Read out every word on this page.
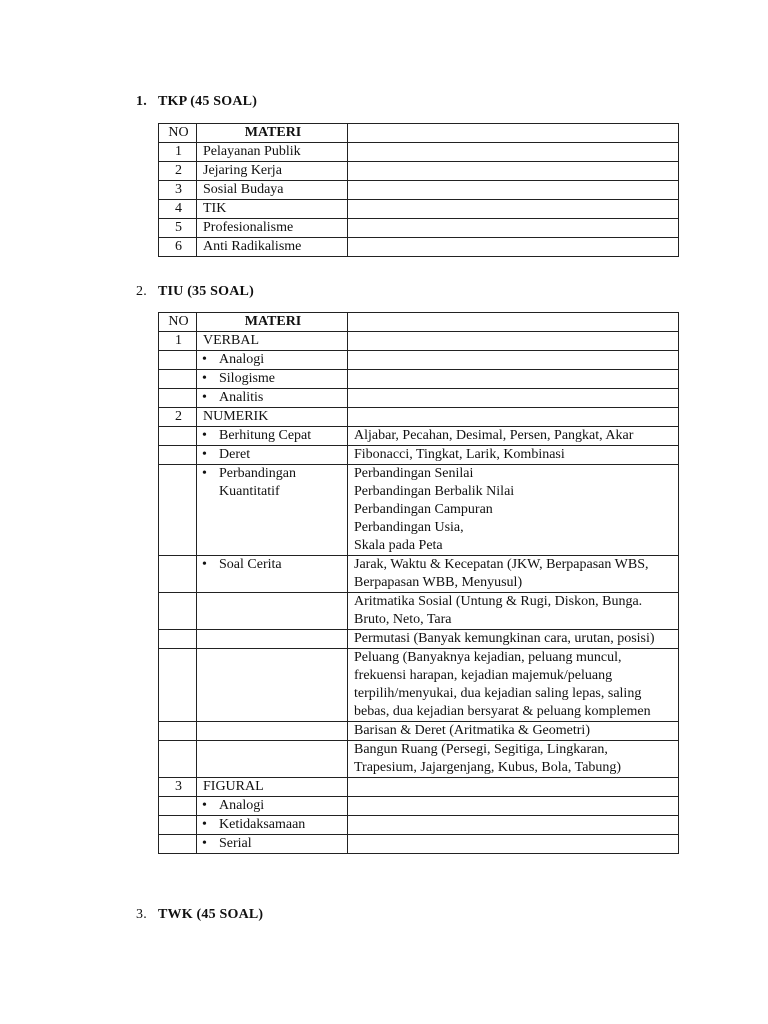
1. TKP (45 SOAL)
NO	MATERI	
1	Pelayanan Publik	
2	Jejaring Kerja	
3	Sosial Budaya	
4	TIK	
5	Profesionalisme	
6	Anti Radikalisme	
2. TIU (35 SOAL)
NO	MATERI	
1	VERBAL	
	• Analogi	
	• Silogisme	
	• Analitis	
2	NUMERIK	
	• Berhitung Cepat	Aljabar, Pecahan, Desimal, Persen, Pangkat, Akar
	• Deret	Fibonacci, Tingkat, Larik, Kombinasi
	• Perbandingan Kuantitatif	Perbandingan Senilai
Perbandingan Berbalik Nilai
Perbandingan Campuran
Perbandingan Usia,
Skala pada Peta
	• Soal Cerita	Jarak, Waktu & Kecepatan (JKW, Berpapasan WBS, Berpapasan WBB, Menyusul)
		Aritmatika Sosial (Untung & Rugi, Diskon, Bunga. Bruto, Neto, Tara
		Permutasi (Banyak kemungkinan cara, urutan, posisi)
		Peluang (Banyaknya kejadian, peluang muncul, frekuensi harapan, kejadian majemuk/peluang terpilih/menyukai, dua kejadian saling lepas, saling bebas, dua kejadian bersyarat & peluang komplemen
		Barisan & Deret (Aritmatika & Geometri)
		Bangun Ruang (Persegi, Segitiga, Lingkaran, Trapesium, Jajargenjang, Kubus, Bola, Tabung)
3	FIGURAL	
	• Analogi	
	• Ketidaksamaan	
	• Serial	
3. TWK (45 SOAL)
